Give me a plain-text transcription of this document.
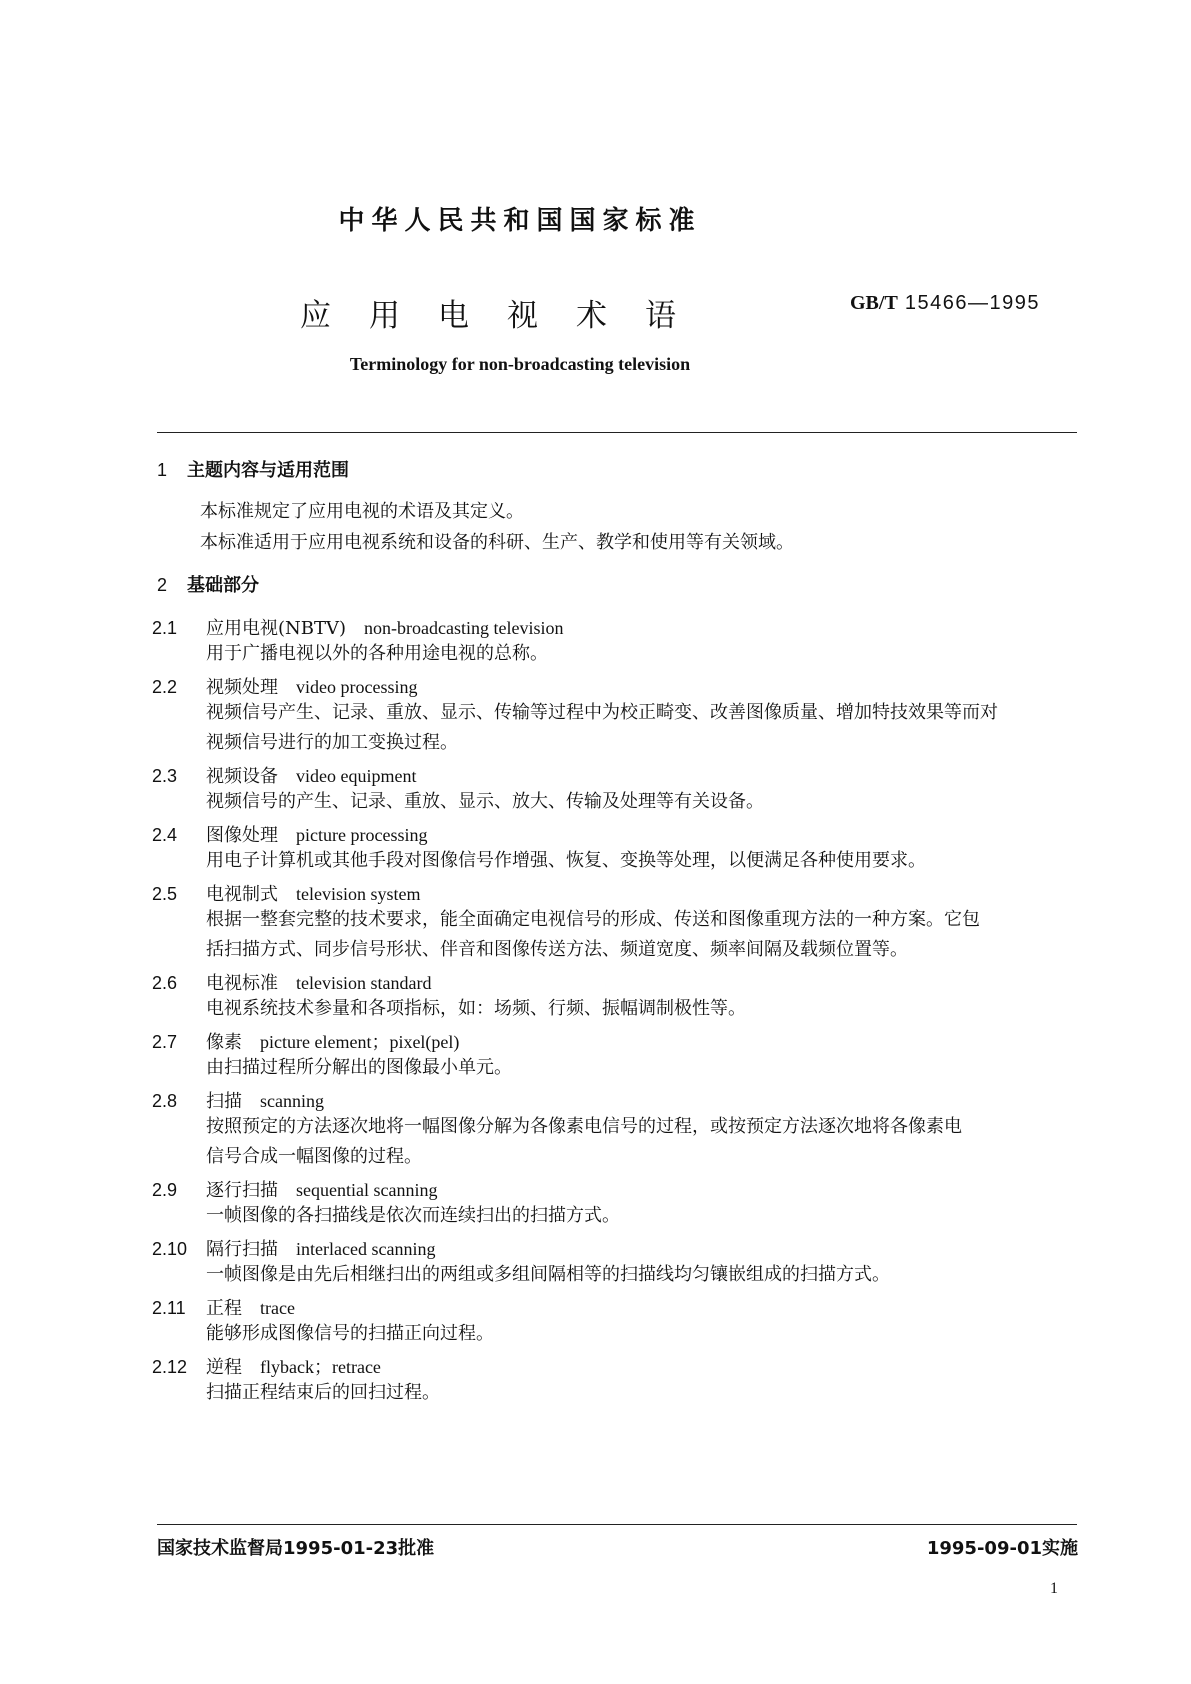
中华人民共和国国家标准
应用电视术语	GB/T 15466—1995
Terminology for non-broadcasting television
1 主题内容与适用范围
本标准规定了应用电视的术语及其定义。
本标准适用于应用电视系统和设备的科研、生产、教学和使用等有关领域。
2 基础部分
2.1 应用电视(NBTV) non-broadcasting television
用于广播电视以外的各种用途电视的总称。
2.2 视频处理 video processing
视频信号产生、记录、重放、显示、传输等过程中为校正畸变、改善图像质量、增加特技效果等而对
视频信号进行的加工变换过程。
2.3 视频设备 video equipment
视频信号的产生、记录、重放、显示、放大、传输及处理等有关设备。
2.4 图像处理 picture processing
用电子计算机或其他手段对图像信号作增强、恢复、变换等处理，以便满足各种使用要求。
2.5 电视制式 television system
根据一整套完整的技术要求，能全面确定电视信号的形成、传送和图像重现方法的一种方案。它包
括扫描方式、同步信号形状、伴音和图像传送方法、频道宽度、频率间隔及载频位置等。
2.6 电视标准 television standard
电视系统技术参量和各项指标，如：场频、行频、振幅调制极性等。
2.7 像素 picture element；pixel(pel)
由扫描过程所分解出的图像最小单元。
2.8 扫描 scanning
按照预定的方法逐次地将一幅图像分解为各像素电信号的过程，或按预定方法逐次地将各像素电
信号合成一幅图像的过程。
2.9 逐行扫描 sequential scanning
一帧图像的各扫描线是依次而连续扫出的扫描方式。
2.10 隔行扫描 interlaced scanning
一帧图像是由先后相继扫出的两组或多组间隔相等的扫描线均匀镶嵌组成的扫描方式。
2.11 正程 trace
能够形成图像信号的扫描正向过程。
2.12 逆程 flyback；retrace
扫描正程结束后的回扫过程。
国家技术监督局1995-01-23批准	1995-09-01实施
1
